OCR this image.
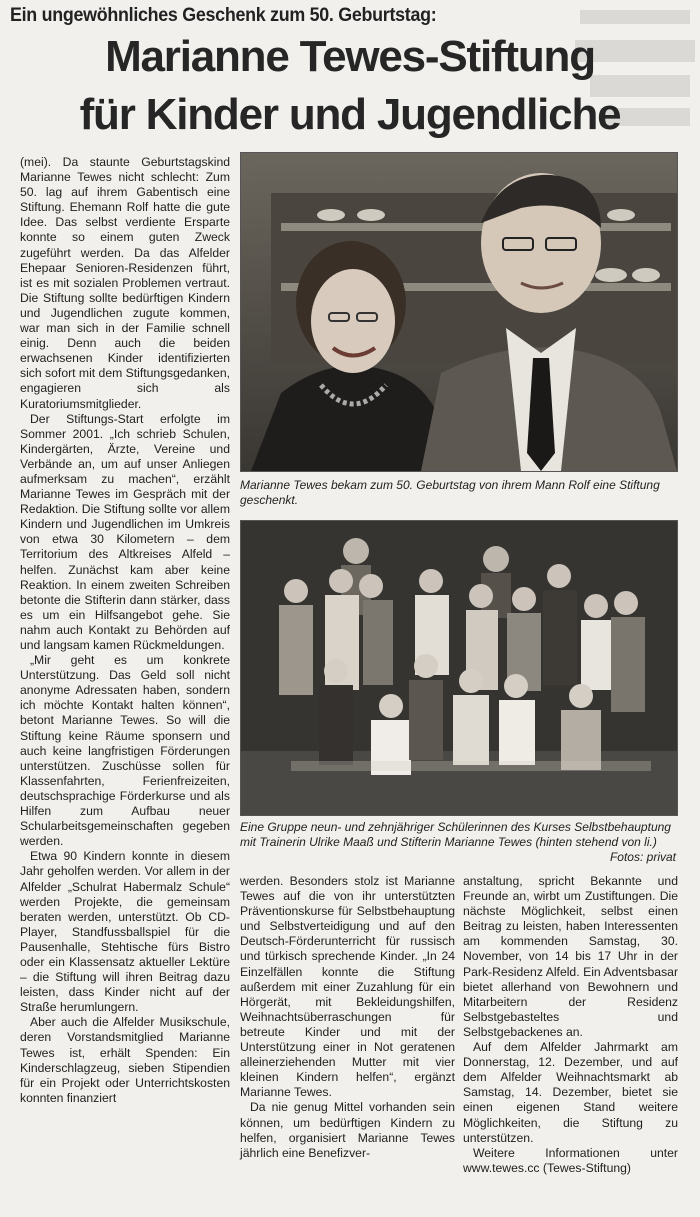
Ein ungewöhnliches Geschenk zum 50. Geburtstag:
Marianne Tewes-Stiftung
für Kinder und Jugendliche

(mei). Da staunte Geburtstagskind Marianne Tewes nicht schlecht: Zum 50. lag auf ihrem Gabentisch eine Stiftung. Ehemann Rolf hatte die gute Idee. Das selbst verdiente Ersparte konnte so einem guten Zweck zugeführt werden. Da das Alfelder Ehepaar Senioren-Residenzen führt, ist es mit sozialen Problemen vertraut. Die Stiftung sollte bedürftigen Kindern und Jugendlichen zugute kommen, war man sich in der Familie schnell einig. Denn auch die beiden erwachsenen Kinder identifizierten sich sofort mit dem Stiftungsgedanken, engagieren sich als Kuratoriumsmitglieder.

Der Stiftungs-Start erfolgte im Sommer 2001. „Ich schrieb Schulen, Kindergärten, Ärzte, Vereine und Verbände an, um auf unser Anliegen aufmerksam zu machen“, erzählt Marianne Tewes im Gespräch mit der Redaktion. Die Stiftung sollte vor allem Kindern und Jugendlichen im Umkreis von etwa 30 Kilometern – dem Territorium des Altkreises Alfeld – helfen. Zunächst kam aber keine Reaktion. In einem zweiten Schreiben betonte die Stifterin dann stärker, dass es um ein Hilfsangebot gehe. Sie nahm auch Kontakt zu Behörden auf und langsam kamen Rückmeldungen.

„Mir geht es um konkrete Unterstützung. Das Geld soll nicht anonyme Adressaten haben, sondern ich möchte Kontakt halten können“, betont Marianne Tewes. So will die Stiftung keine Räume sponsern und auch keine langfristigen Förderungen unterstützen. Zuschüsse sollen für Klassenfahrten, Ferienfreizeiten, deutschsprachige Förderkurse und als Hilfen zum Aufbau neuer Schularbeitsgemeinschaften gegeben werden.

Etwa 90 Kindern konnte in diesem Jahr geholfen werden. Vor allem in der Alfelder „Schulrat Habermalz Schule“ werden Projekte, die gemeinsam beraten werden, unterstützt. Ob CD-Player, Standfussballspiel für die Pausenhalle, Stehtische fürs Bistro oder ein Klassensatz aktueller Lektüre – die Stiftung will ihren Beitrag dazu leisten, dass Kinder nicht auf der Straße herumlungern.

Aber auch die Alfelder Musikschule, deren Vorstandsmitglied Marianne Tewes ist, erhält Spenden: Ein Kinderschlagzeug, sieben Stipendien für ein Projekt oder Unterrichtskosten konnten finanziert

Marianne Tewes bekam zum 50. Geburtstag von ihrem Mann Rolf eine Stiftung geschenkt.
Eine Gruppe neun- und zehnjähriger Schülerinnen des Kurses Selbstbehauptung mit Trainerin Ulrike Maaß und Stifterin Marianne Tewes (hinten stehend von li.)
Fotos: privat

werden. Besonders stolz ist Marianne Tewes auf die von ihr unterstützten Präventionskurse für Selbstbehauptung und Selbstverteidigung und auf den Deutsch-Förderunterricht für russisch und türkisch sprechende Kinder. „In 24 Einzelfällen konnte die Stiftung außerdem mit einer Zuzahlung für ein Hörgerät, mit Bekleidungshilfen, Weihnachtsüberraschungen für betreute Kinder und mit der Unterstützung einer in Not geratenen alleinerziehenden Mutter mit vier kleinen Kindern helfen“, ergänzt Marianne Tewes.

Da nie genug Mittel vorhanden sein können, um bedürftigen Kindern zu helfen, organisiert Marianne Tewes jährlich eine Benefizver-

anstaltung, spricht Bekannte und Freunde an, wirbt um Zustiftungen. Die nächste Möglichkeit, selbst einen Beitrag zu leisten, haben Interessenten am kommenden Samstag, 30. November, von 14 bis 17 Uhr in der Park-Residenz Alfeld. Ein Adventsbasar bietet allerhand von Bewohnern und Mitarbeitern der Residenz Selbstgebasteltes und Selbstgebackenes an.

Auf dem Alfelder Jahrmarkt am Donnerstag, 12. Dezember, und auf dem Alfelder Weihnachtsmarkt ab Samstag, 14. Dezember, bietet sie einen eigenen Stand weitere Möglichkeiten, die Stiftung zu unterstützen.

Weitere Informationen unter www.tewes.cc (Tewes-Stiftung)
